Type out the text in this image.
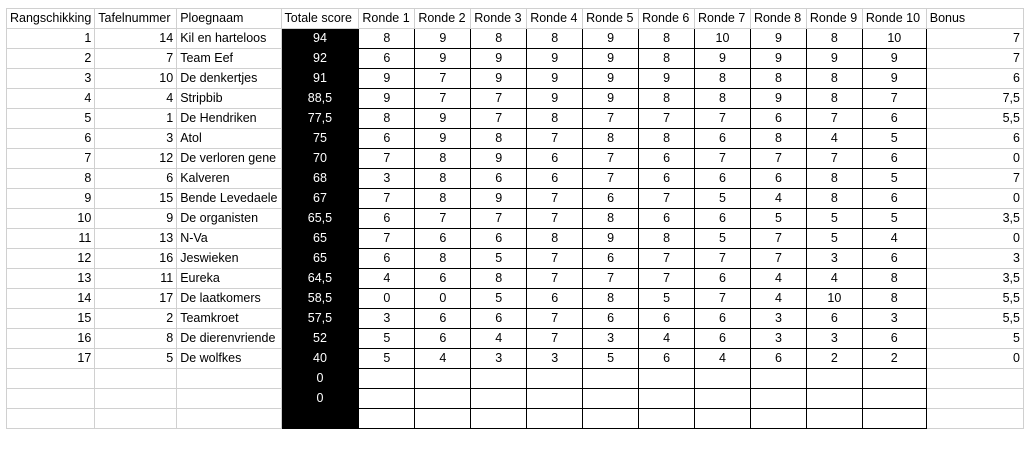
Rangschikking	Tafelnummer	Ploegnaam	Totale score	Ronde 1	Ronde 2	Ronde 3	Ronde 4	Ronde 5	Ronde 6	Ronde 7	Ronde 8	Ronde 9	Ronde 10	Bonus
1	14	Kil en harteloos	94	8	9	8	8	9	8	10	9	8	10	7
2	7	Team Eef	92	6	9	9	9	9	8	9	9	9	9	7
3	10	De denkertjes	91	9	7	9	9	9	9	8	8	8	9	6
4	4	Stripbib	88,5	9	7	7	9	9	8	8	9	8	7	7,5
5	1	De Hendriken	77,5	8	9	7	8	7	7	7	6	7	6	5,5
6	3	Atol	75	6	9	8	7	8	8	6	8	4	5	6
7	12	De verloren gene	70	7	8	9	6	7	6	7	7	7	6	0
8	6	Kalveren	68	3	8	6	6	7	6	6	6	8	5	7
9	15	Bende Levedaele	67	7	8	9	7	6	7	5	4	8	6	0
10	9	De organisten	65,5	6	7	7	7	8	6	6	5	5	5	3,5
11	13	N-Va	65	7	6	6	8	9	8	5	7	5	4	0
12	16	Jeswieken	65	6	8	5	7	6	7	7	7	3	6	3
13	11	Eureka	64,5	4	6	8	7	7	7	6	4	4	8	3,5
14	17	De laatkomers	58,5	0	0	5	6	8	5	7	4	10	8	5,5
15	2	Teamkroet	57,5	3	6	6	7	6	6	6	3	6	3	5,5
16	8	De dierenvriende	52	5	6	4	7	3	4	6	3	3	6	5
17	5	De wolfkes	40	5	4	3	3	5	6	4	6	2	2	0
			0											
			0											
